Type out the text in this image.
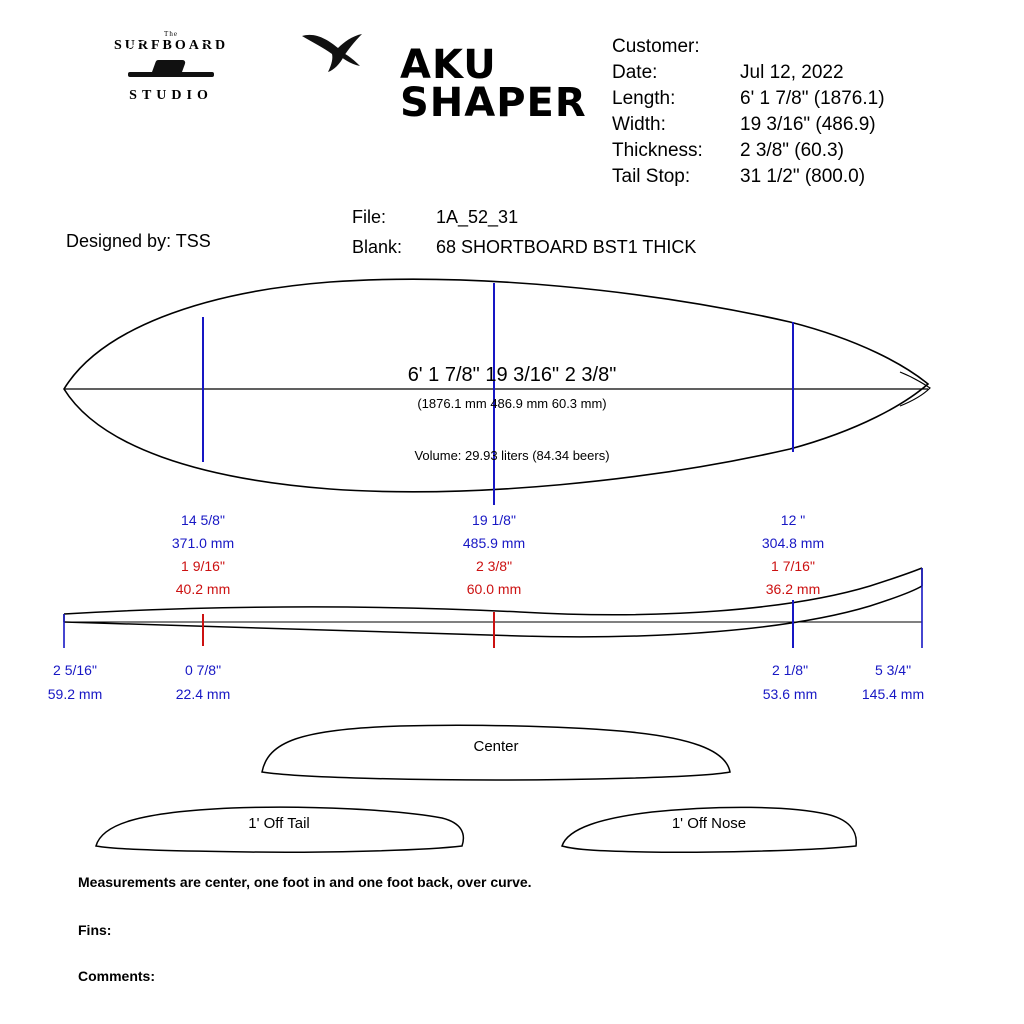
The
SURFBOARD
STUDIO
AKU
SHAPER
Customer:
Date:	Jul 12, 2022
Length:	6' 1 7/8" (1876.1)
Width:	19 3/16" (486.9)
Thickness: 2 3/8" (60.3)
Tail Stop:	31 1/2" (800.0)
File:	1A_52_31
Blank: 68 SHORTBOARD BST1 THICK
Designed by: TSS
6' 1 7/8" 19 3/16" 2 3/8"
(1876.1 mm 486.9 mm 60.3 mm)
Volume: 29.93 liters (84.34 beers)
14 5/8"
371.0 mm
1 9/16"
40.2 mm
19 1/8"
485.9 mm
2 3/8"
60.0 mm
12 "
304.8 mm
1 7/16"
36.2 mm
2 5/16"
59.2 mm
0 7/8"
22.4 mm
2 1/8"
53.6 mm
5 3/4"
145.4 mm
Center
1' Off Tail	1' Off Nose
Measurements are center, one foot in and one foot back, over curve.
Fins:
Comments:
